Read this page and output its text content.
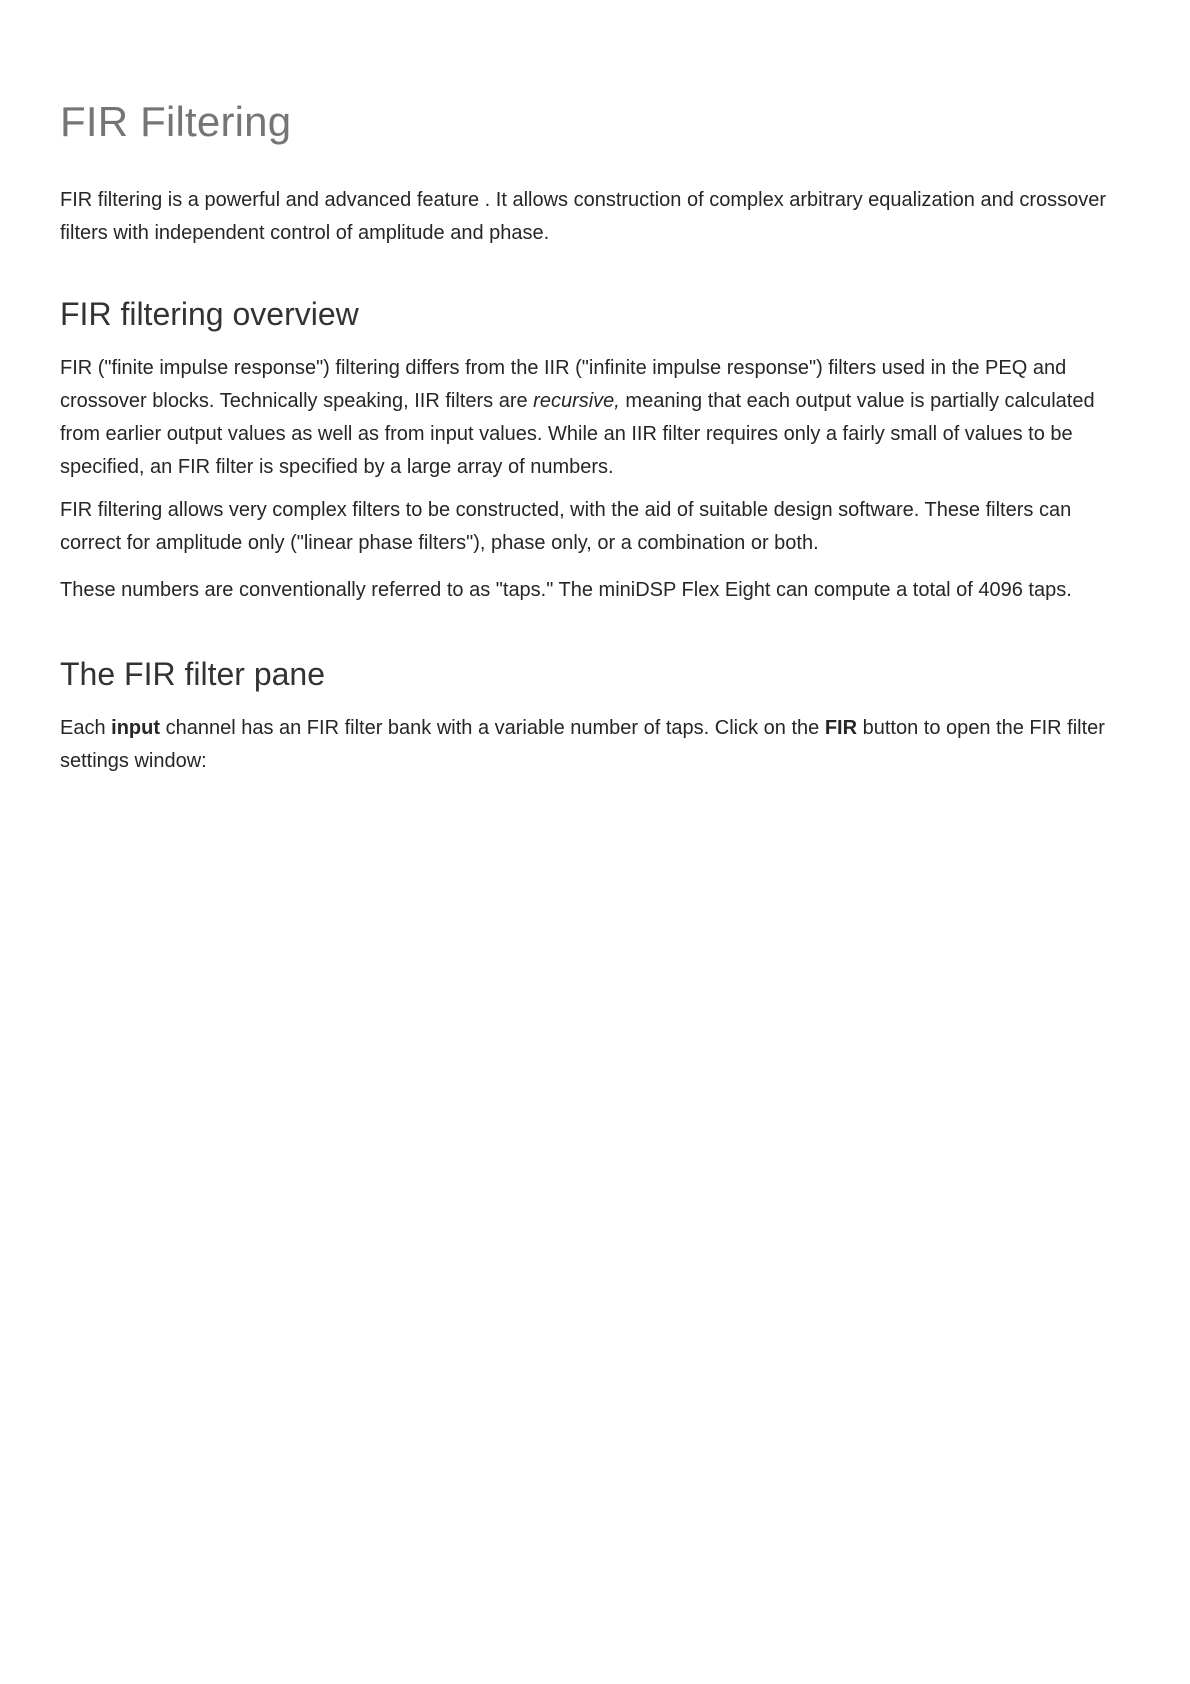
FIR Filtering

FIR filtering is a powerful and advanced feature . It allows construction of complex arbitrary equalization and crossover filters with independent control of amplitude and phase.

FIR filtering overview

FIR ("finite impulse response") filtering differs from the IIR ("infinite impulse response") filters used in the PEQ and crossover blocks. Technically speaking, IIR filters are recursive, meaning that each output value is partially calculated from earlier output values as well as from input values. While an IIR filter requires only a fairly small of values to be specified, an FIR filter is specified by a large array of numbers.

FIR filtering allows very complex filters to be constructed, with the aid of suitable design software. These filters can correct for amplitude only ("linear phase filters"), phase only, or a combination or both.

These numbers are conventionally referred to as "taps." The miniDSP Flex Eight can compute a total of 4096 taps.

The FIR filter pane

Each input channel has an FIR filter bank with a variable number of taps. Click on the FIR button to open the FIR filter settings window:
